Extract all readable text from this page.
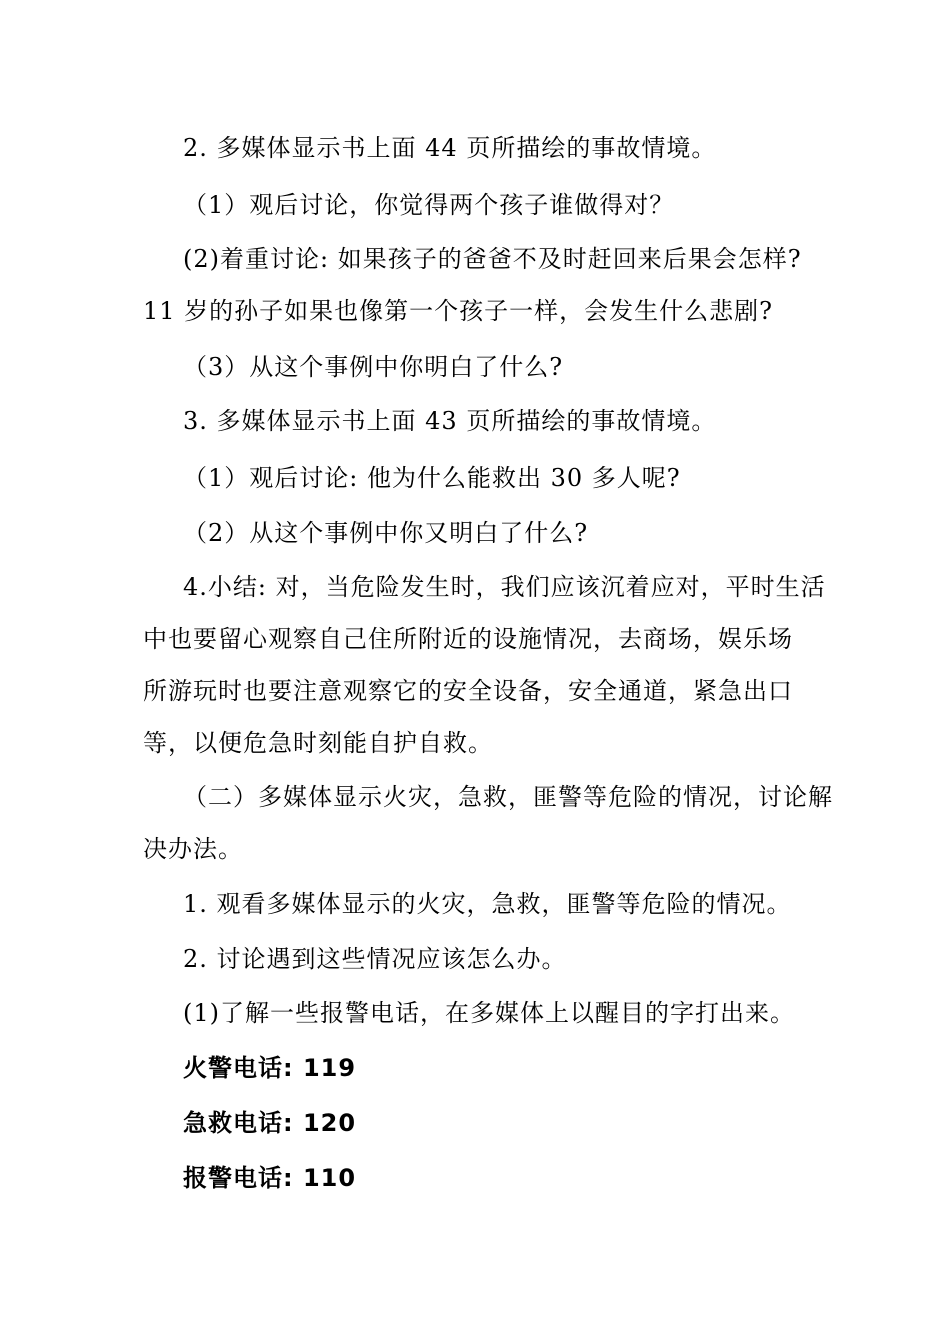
2. 多媒体显示书上面 44 页所描绘的事故情境。
（1）观后讨论，你觉得两个孩子谁做得对？
(2)着重讨论: 如果孩子的爸爸不及时赶回来后果会怎样?
11 岁的孙子如果也像第一个孩子一样，会发生什么悲剧?
（3）从这个事例中你明白了什么?
3. 多媒体显示书上面 43 页所描绘的事故情境。
（1）观后讨论: 他为什么能救出 30 多人呢?
（2）从这个事例中你又明白了什么?
4.小结: 对，当危险发生时，我们应该沉着应对，平时生活
中也要留心观察自己住所附近的设施情况，去商场，娱乐场
所游玩时也要注意观察它的安全设备，安全通道，紧急出口
等，以便危急时刻能自护自救。
（二）多媒体显示火灾，急救，匪警等危险的情况，讨论解
决办法。
1. 观看多媒体显示的火灾，急救，匪警等危险的情况。
2. 讨论遇到这些情况应该怎么办。
(1)了解一些报警电话，在多媒体上以醒目的字打出来。
火警电话: 119
急救电话: 120
报警电话: 110
